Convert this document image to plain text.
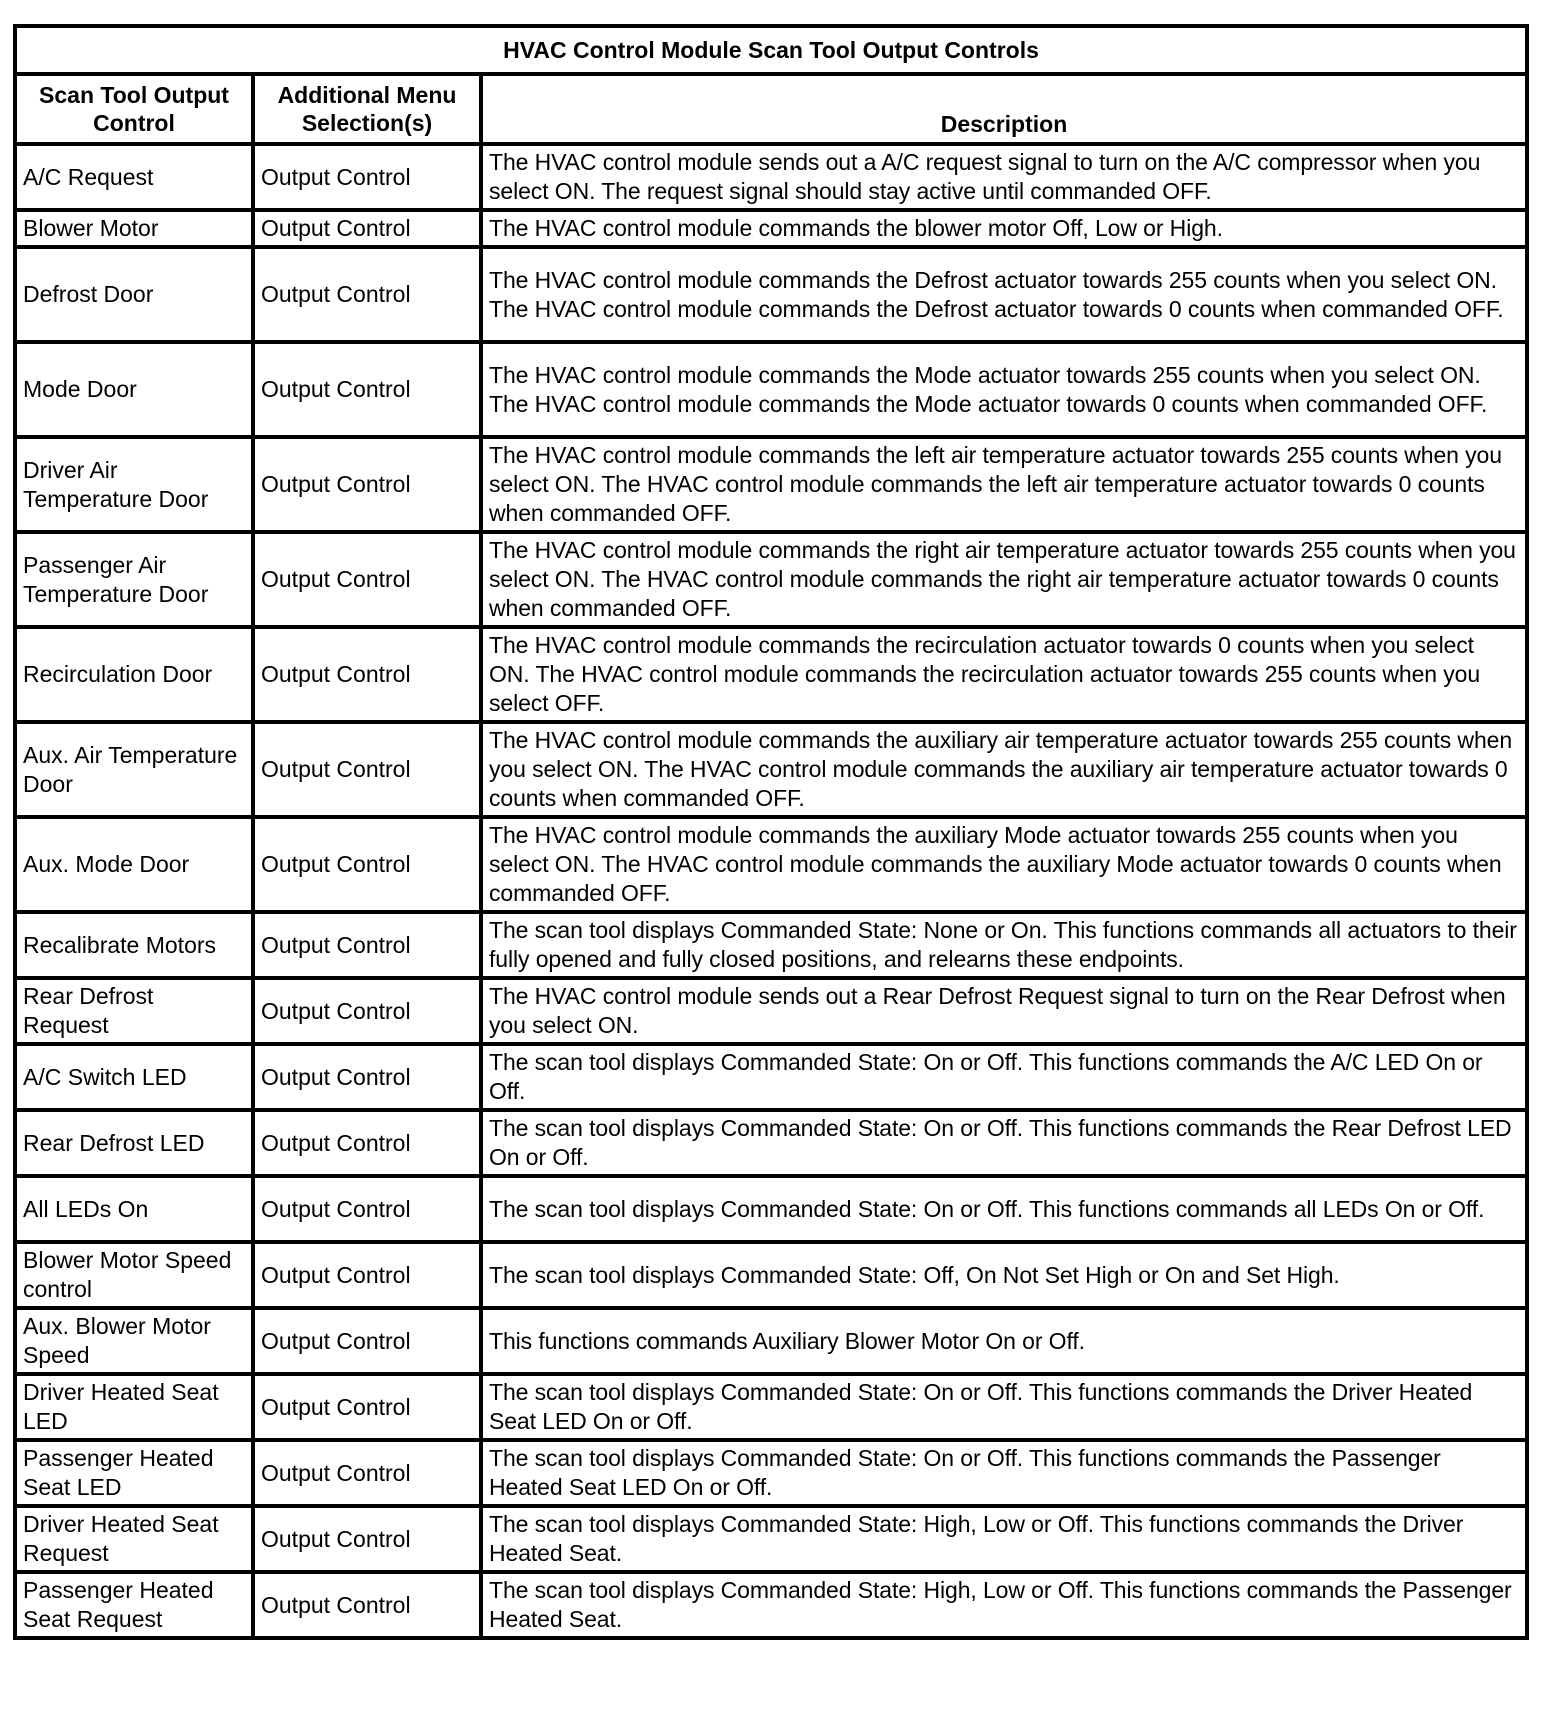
HVAC Control Module Scan Tool Output Controls		
Scan Tool Output Control	Additional Menu Selection(s)	Description
A/C Request	Output Control	The HVAC control module sends out a A/C request signal to turn on the A/C compressor when you select ON. The request signal should stay active until commanded OFF.
Blower Motor	Output Control	The HVAC control module commands the blower motor Off, Low or High.
Defrost Door	Output Control	The HVAC control module commands the Defrost actuator towards 255 counts when you select ON. The HVAC control module commands the Defrost actuator towards 0 counts when commanded OFF.
Mode Door	Output Control	The HVAC control module commands the Mode actuator towards 255 counts when you select ON. The HVAC control module commands the Mode actuator towards 0 counts when commanded OFF.
Driver Air Temperature Door	Output Control	The HVAC control module commands the left air temperature actuator towards 255 counts when you select ON. The HVAC control module commands the left air temperature actuator towards 0 counts when commanded OFF.
Passenger Air Temperature Door	Output Control	The HVAC control module commands the right air temperature actuator towards 255 counts when you select ON. The HVAC control module commands the right air temperature actuator towards 0 counts when commanded OFF.
Recirculation Door	Output Control	The HVAC control module commands the recirculation actuator towards 0 counts when you select ON. The HVAC control module commands the recirculation actuator towards 255 counts when you select OFF.
Aux. Air Temperature Door	Output Control	The HVAC control module commands the auxiliary air temperature actuator towards 255 counts when you select ON. The HVAC control module commands the auxiliary air temperature actuator towards 0 counts when commanded OFF.
Aux. Mode Door	Output Control	The HVAC control module commands the auxiliary Mode actuator towards 255 counts when you select ON. The HVAC control module commands the auxiliary Mode actuator towards 0 counts when commanded OFF.
Recalibrate Motors	Output Control	The scan tool displays Commanded State: None or On. This functions commands all actuators to their fully opened and fully closed positions, and relearns these endpoints.
Rear Defrost Request	Output Control	The HVAC control module sends out a Rear Defrost Request signal to turn on the Rear Defrost when you select ON.
A/C Switch LED	Output Control	The scan tool displays Commanded State: On or Off. This functions commands the A/C LED On or Off.
Rear Defrost LED	Output Control	The scan tool displays Commanded State: On or Off. This functions commands the Rear Defrost LED On or Off.
All LEDs On	Output Control	The scan tool displays Commanded State: On or Off. This functions commands all LEDs On or Off.
Blower Motor Speed control	Output Control	The scan tool displays Commanded State: Off, On Not Set High or On and Set High.
Aux. Blower Motor Speed	Output Control	This functions commands Auxiliary Blower Motor On or Off.
Driver Heated Seat LED	Output Control	The scan tool displays Commanded State: On or Off. This functions commands the Driver Heated Seat LED On or Off.
Passenger Heated Seat LED	Output Control	The scan tool displays Commanded State: On or Off. This functions commands the Passenger Heated Seat LED On or Off.
Driver Heated Seat Request	Output Control	The scan tool displays Commanded State: High, Low or Off. This functions commands the Driver Heated Seat.
Passenger Heated Seat Request	Output Control	The scan tool displays Commanded State: High, Low or Off. This functions commands the Passenger Heated Seat.
